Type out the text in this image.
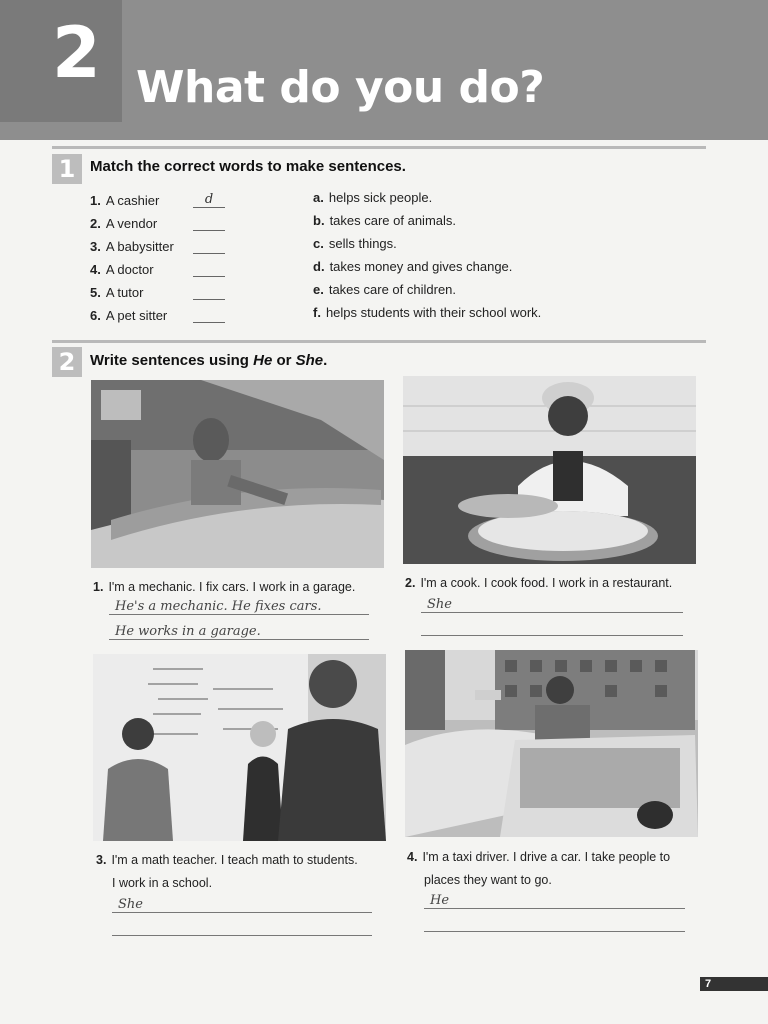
2 What do you do?
1 Match the correct words to make sentences.
1. A cashier	d
2. A vendor
3. A babysitter
4. A doctor
5. A tutor
6. A pet sitter
a. helps sick people.
b. takes care of animals.
c. sells things.
d. takes money and gives change.
e. takes care of children.
f. helps students with their school work.
2 Write sentences using He or She.
1. I'm a mechanic. I fix cars. I work in a garage.
He's a mechanic. He fixes cars.
He works in a garage.
2. I'm a cook. I cook food. I work in a restaurant.
She
3. I'm a math teacher. I teach math to students.
I work in a school.
She
4. I'm a taxi driver. I drive a car. I take people to
places they want to go.
He
7
